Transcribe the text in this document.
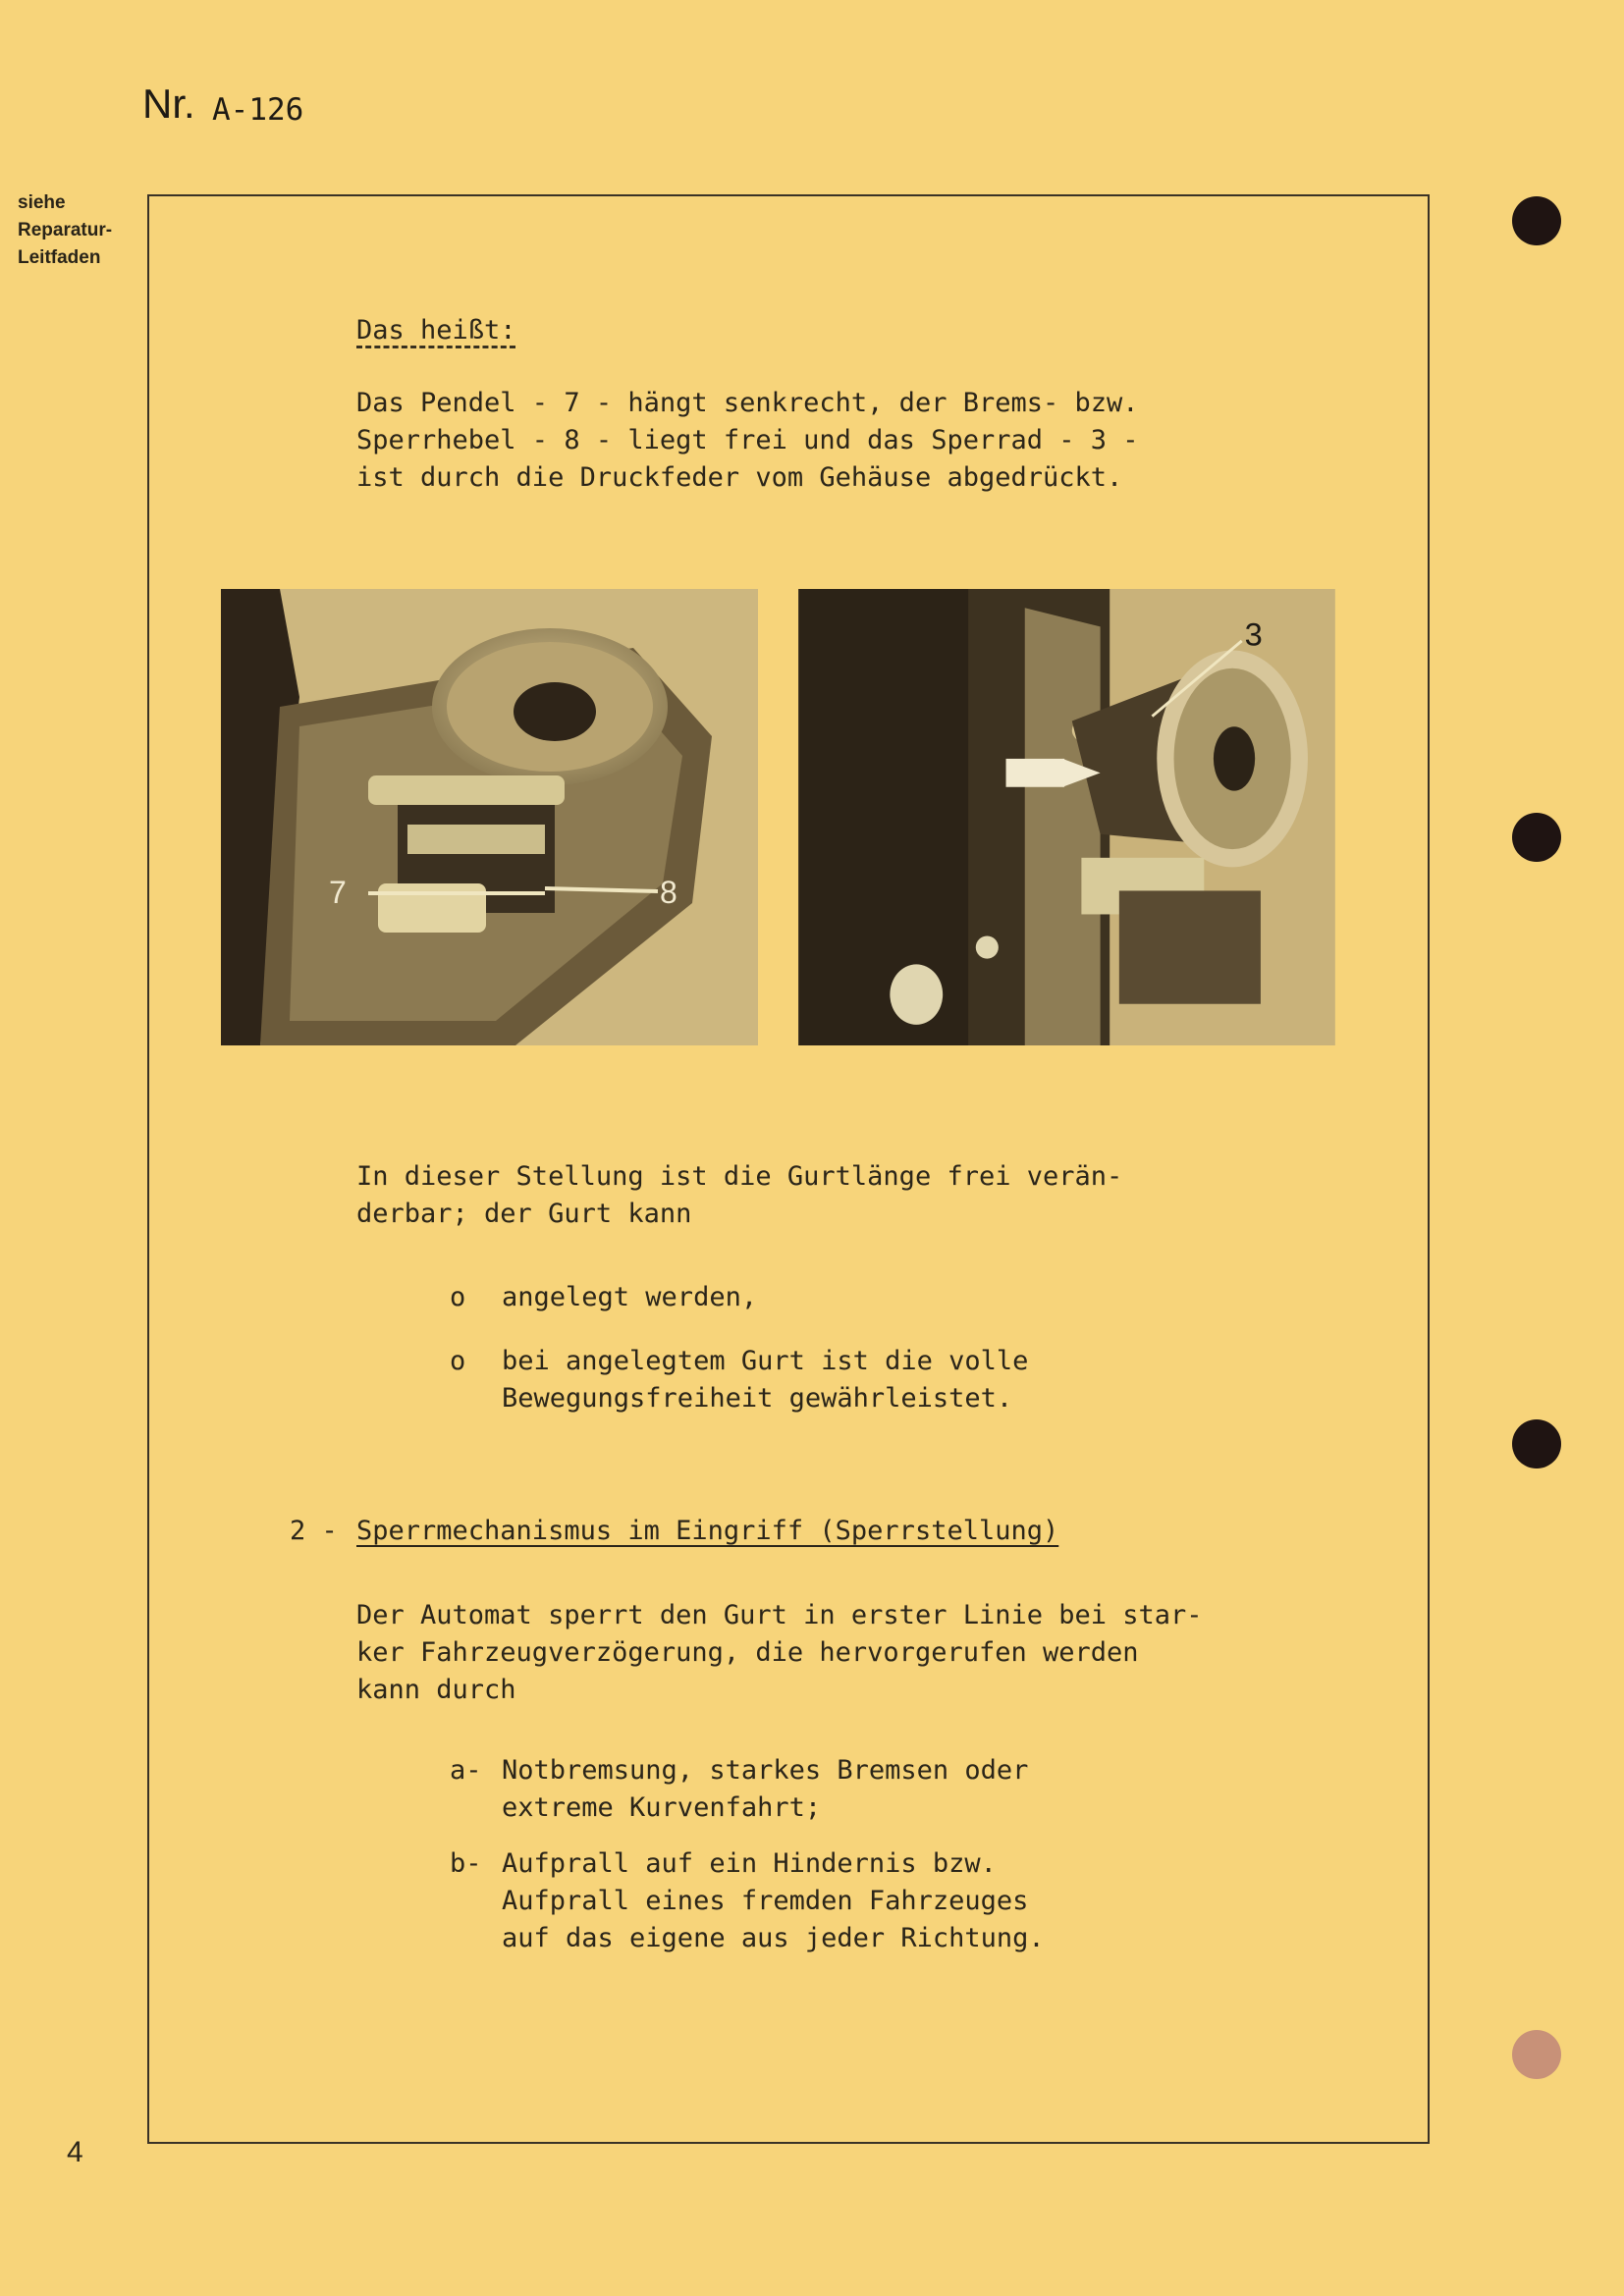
Nr. A-126
siehe
Reparatur-
Leitfaden
Das heißt:
Das Pendel - 7 - hängt senkrecht, der Brems- bzw.
Sperrhebel - 8 - liegt frei und das Sperrad - 3 -
ist durch die Druckfeder vom Gehäuse abgedrückt.
7	8
3
In dieser Stellung ist die Gurtlänge frei verän-
derbar; der Gurt kann
o angelegt werden,
o bei angelegtem Gurt ist die volle
Bewegungsfreiheit gewährleistet.
2 - Sperrmechanismus im Eingriff (Sperrstellung)
Der Automat sperrt den Gurt in erster Linie bei star-
ker Fahrzeugverzögerung, die hervorgerufen werden
kann durch
a- Notbremsung, starkes Bremsen oder
extreme Kurvenfahrt;
b- Aufprall auf ein Hindernis bzw.
Aufprall eines fremden Fahrzeuges
auf das eigene aus jeder Richtung.
4
